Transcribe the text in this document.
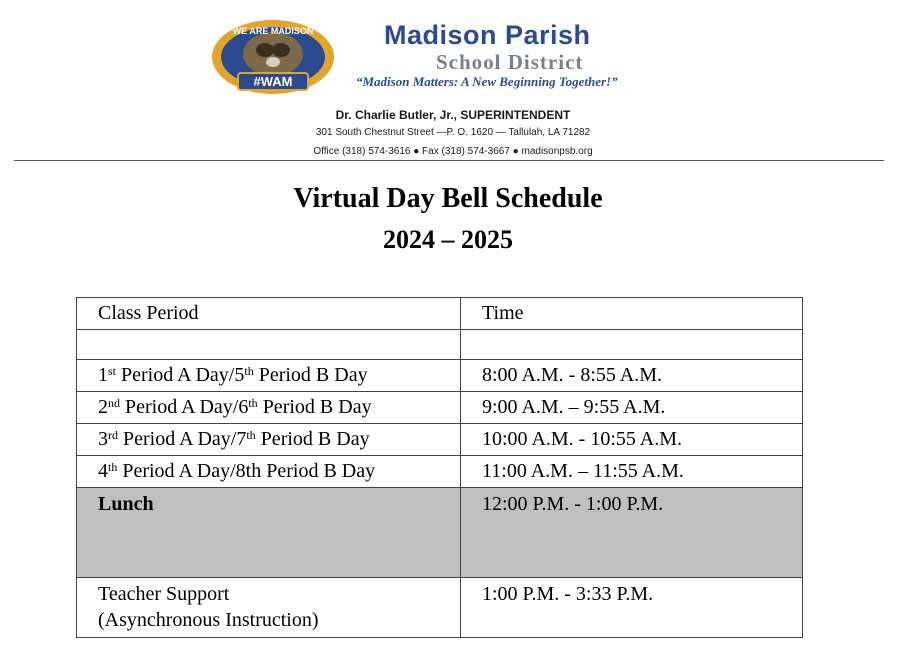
#WAM
WE ARE MADISON	Madison Parish
School District
“Madison Matters: A New Beginning Together!”
Dr. Charlie Butler, Jr., SUPERINTENDENT
301 South Chestnut Street —P. O. 1620 — Tallulah, LA 71282
Office (318) 574-3616 ● Fax (318) 574-3667 ● madisonpsb.org
Virtual Day Bell Schedule
2024 – 2025
Class Period	Time

1st Period A Day/5th Period B Day	8:00 A.M. - 8:55 A.M.
2nd Period A Day/6th Period B Day	9:00 A.M. – 9:55 A.M.
3rd Period A Day/7th Period B Day	10:00 A.M. - 10:55 A.M.
4th Period A Day/8th Period B Day	11:00 A.M. – 11:55 A.M.
Lunch	12:00 P.M. - 1:00 P.M.

Teacher Support
(Asynchronous Instruction)	1:00 P.M. - 3:33 P.M.
